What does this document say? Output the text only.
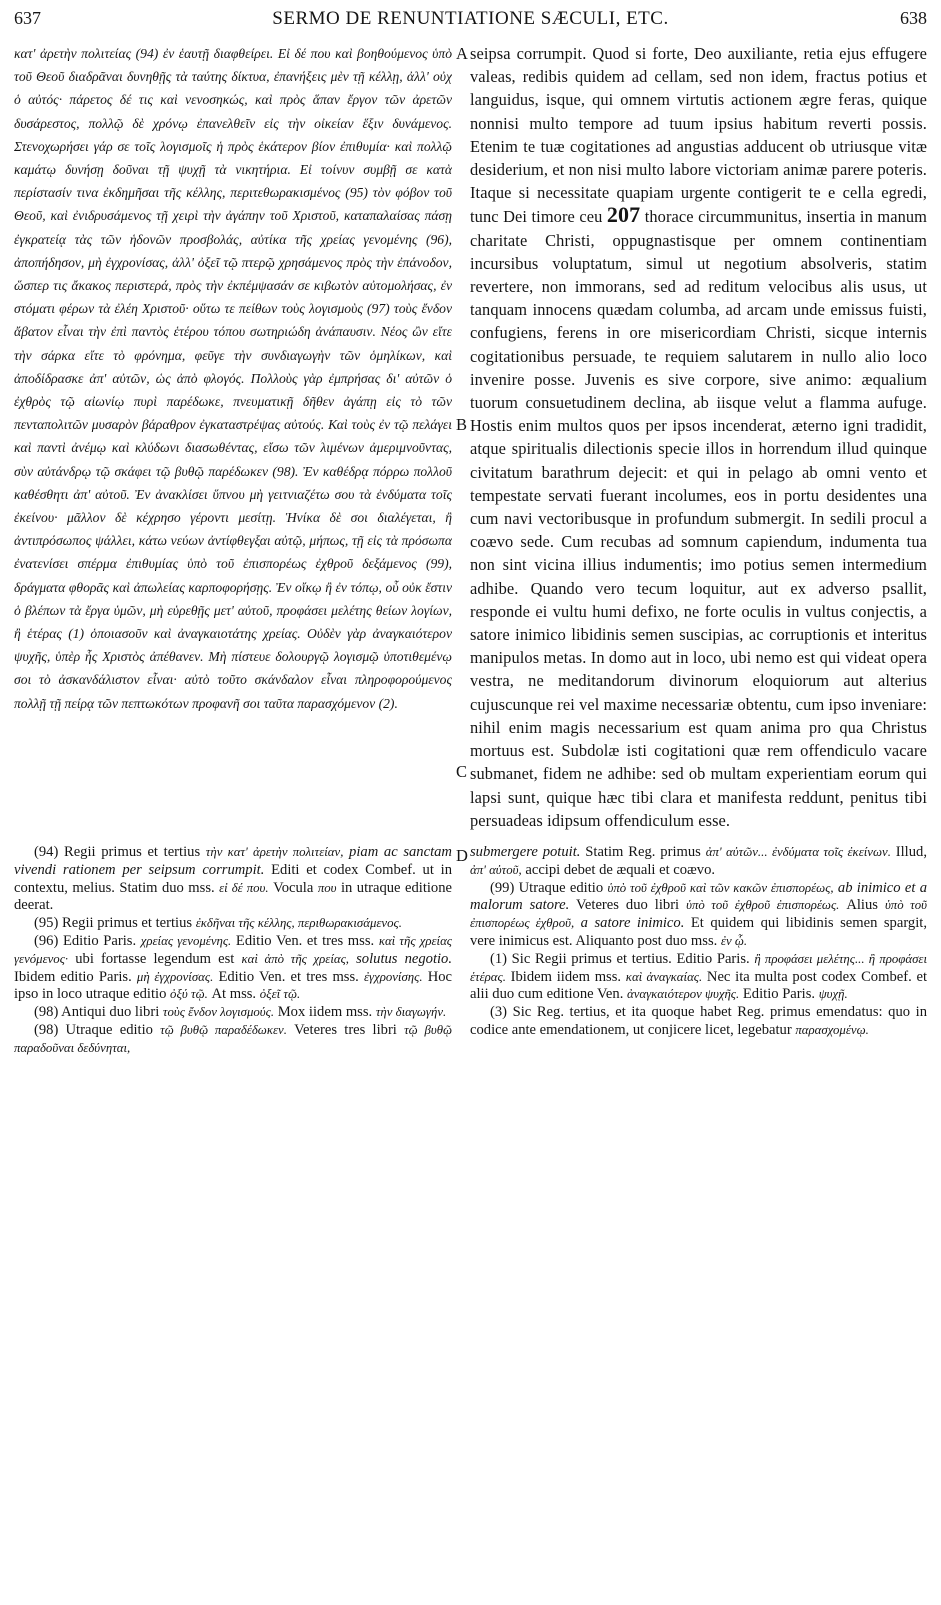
637	SERMO DE RENUNTIATIONE SÆCULI, ETC.	638

κατ' ἀρετὴν πολιτείας (94) ἐν ἑαυτῇ διαφθείρει. Εἰ δέ που καὶ βοηθούμενος ὑπὸ τοῦ Θεοῦ διαδρᾶναι δυνηθῇς τὰ ταύτης δίκτυα, ἐπανήξεις μὲν τῇ κέλλῃ, ἀλλ' οὐχ ὁ αὐτός· πάρετος δέ τις καὶ νενοσηκώς, καὶ πρὸς ἅπαν ἔργον τῶν ἀρετῶν δυσάρεστος, πολλῷ δὲ χρόνῳ ἐπανελθεῖν εἰς τὴν οἰκείαν ἕξιν δυνάμενος. Στενοχωρήσει γάρ σε τοῖς λογισμοῖς ἡ πρὸς ἑκάτερον βίον ἐπιθυμία· καὶ πολλῷ καμάτῳ δυνήσῃ δοῦναι τῇ ψυχῇ τὰ νικητήρια. Εἰ τοίνυν συμβῇ σε κατὰ περίστασίν τινα ἐκδημῆσαι τῆς κέλλης, περιτεθωρακισμένος (95) τὸν φόβον τοῦ Θεοῦ, καὶ ἐνιδρυσάμενος τῇ χειρὶ τὴν ἀγάπην τοῦ Χριστοῦ, καταπαλαίσας πάσῃ ἐγκρατείᾳ τὰς τῶν ἡδονῶν προσβολάς, αὐτίκα τῆς χρείας γενομένης (96), ἀποπήδησον, μὴ ἐγχρονίσας, ἀλλ' ὀξεῖ τῷ πτερῷ χρησάμενος πρὸς τὴν ἐπάνοδον, ὥσπερ τις ἄκακος περιστερά, πρὸς τὴν ἐκπέμψασάν σε κιβωτὸν αὐτομολήσας, ἐν στόματι φέρων τὰ ἐλέη Χριστοῦ· οὕτω τε πείθων τοὺς λογισμοὺς (97) τοὺς ἔνδον ἄβατον εἶναι τὴν ἐπὶ παντὸς ἑτέρου τόπου σωτηριώδη ἀνάπαυσιν. Νέος ὢν εἴτε τὴν σάρκα εἴτε τὸ φρόνημα, φεῦγε τὴν συνδιαγωγὴν τῶν ὁμηλίκων, καὶ ἀποδίδρασκε ἀπ' αὐτῶν, ὡς ἀπὸ φλογός. Πολλοὺς γὰρ ἐμπρήσας δι' αὐτῶν ὁ ἐχθρὸς τῷ αἰωνίῳ πυρὶ παρέδωκε, πνευματικῇ δῆθεν ἀγάπῃ εἰς τὸ τῶν πενταπολιτῶν μυσαρὸν βάραθρον ἐγκαταστρέψας αὐτούς. Καὶ τοὺς ἐν τῷ πελάγει καὶ παντὶ ἀνέμῳ καὶ κλύδωνι διασωθέντας, εἴσω τῶν λιμένων ἀμεριμνοῦντας, σὺν αὐτάνδρῳ τῷ σκάφει τῷ βυθῷ παρέδωκεν (98). Ἐν καθέδρᾳ πόρρω πολλοῦ καθέσθητι ἀπ' αὐτοῦ. Ἐν ἀνακλίσει ὕπνου μὴ γειτνιαζέτω σου τὰ ἐνδύματα τοῖς ἐκείνου· μᾶλλον δὲ κέχρησο γέροντι μεσίτῃ. Ἡνίκα δὲ σοι διαλέγεται, ἢ ἀντιπρόσωπος ψάλλει, κάτω νεύων ἀντίφθεγξαι αὐτῷ, μήπως, τῇ εἰς τὰ πρόσωπα ἐνατενίσει σπέρμα ἐπιθυμίας ὑπὸ τοῦ ἐπισπορέως ἐχθροῦ δεξάμενος (99), δράγματα φθορᾶς καὶ ἀπωλείας καρποφορήσῃς. Ἐν οἴκῳ ἢ ἐν τόπῳ, οὗ οὐκ ἔστιν ὁ βλέπων τὰ ἔργα ὑμῶν, μὴ εὑρεθῇς μετ' αὐτοῦ, προφάσει μελέτης θείων λογίων, ἢ ἑτέρας (1) ὁποιασοῦν καὶ ἀναγκαιοτάτης χρείας. Οὐδὲν γὰρ ἀναγκαιότερον ψυχῆς, ὑπὲρ ἧς Χριστὸς ἀπέθανεν. Μὴ πίστευε δολουργῷ λογισμῷ ὑποτιθεμένῳ σοι τὸ ἀσκανδάλιστον εἶναι· αὐτὸ τοῦτο σκάνδαλον εἶναι πληροφορούμενος πολλῇ τῇ πείρᾳ τῶν πεπτωκότων προφανῆ σοι ταῦτα παρασχόμενον (2).

A
B
C
D

seipsa corrumpit. Quod si forte, Deo auxiliante, retia ejus effugere valeas, redibis quidem ad cellam, sed non idem, fractus potius et languidus, isque, qui omnem virtutis actionem ægre feras, quique nonnisi multo tempore ad tuum ipsius habitum reverti possis. Etenim te tuæ cogitationes ad angustias adducent ob utriusque vitæ desiderium, et non nisi multo labore victoriam animæ parere poteris. Itaque si necessitate quapiam urgente contigerit te e cella egredi, tunc Dei timore ceu 207 thorace circummunitus, insertia in manum charitate Christi, oppugnastisque per omnem continentiam incursibus voluptatum, simul ut negotium absolveris, statim revertere, non immorans, sed ad reditum velocibus alis usus, ut tanquam innocens quædam columba, ad arcam unde emissus fuisti, confugiens, ferens in ore misericordiam Christi, sicque internis cogitationibus persuade, te requiem salutarem in nullo alio loco invenire posse. Juvenis es sive corpore, sive animo: æqualium tuorum consuetudinem declina, ab iisque velut a flamma aufuge. Hostis enim multos quos per ipsos incenderat, æterno igni tradidit, atque spiritualis dilectionis specie illos in horrendum illud quinque civitatum barathrum dejecit: et qui in pelago ab omni vento et tempestate servati fuerant incolumes, eos in portu desidentes una cum navi vectoribusque in profundum submergit. In sedili procul a coævo sede. Cum recubas ad somnum capiendum, indumenta tua non sint vicina illius indumentis; imo potius semen intermedium adhibe. Quando vero tecum loquitur, aut ex adverso psallit, responde ei vultu humi defixo, ne forte oculis in vultus conjectis, a satore inimico libidinis semen suscipias, ac corruptionis et interitus manipulos metas. In domo aut in loco, ubi nemo est qui videat opera vestra, ne meditandorum divinorum eloquiorum aut alterius cujuscunque rei vel maxime necessariæ obtentu, cum ipso inveniare: nihil enim magis necessarium est quam anima pro qua Christus mortuus est. Subdolæ isti cogitationi quæ rem offendiculo vacare submanet, fidem ne adhibe: sed ob multam experientiam eorum qui lapsi sunt, quique hæc tibi clara et manifesta reddunt, penitus tibi persuadeas idipsum offendiculum esse.

(94) Regii primus et tertius τὴν κατ' ἀρετὴν πολιτείαν, piam ac sanctam vivendi rationem per seipsum corrumpit. Editi et codex Combef. ut in contextu, melius. Statim duo mss. εἰ δέ που. Vocula που in utraque editione deerat.

(95) Regii primus et tertius ἐκδῆναι τῆς κέλλης, περιθωρακισάμενος.

(96) Editio Paris. χρείας γενομένης. Editio Ven. et tres mss. καὶ τῆς χρείας γενόμενος· ubi fortasse legendum est καὶ ἀπὸ τῆς χρείας, solutus negotio. Ibidem editio Paris. μὴ ἐγχρονίσας. Editio Ven. et tres mss. ἐγχρονίσης. Hoc ipso in loco utraque editio ὀξύ τῷ. At mss. ὀξεῖ τῷ.

(98) Antiqui duo libri τοὺς ἔνδον λογισμούς. Mox iidem mss. τὴν διαγωγήν.

(98) Utraque editio τῷ βυθῷ παραδέδωκεν. Veteres tres libri τῷ βυθῷ παραδοῦναι δεδύνηται,

submergere potuit. Statim Reg. primus ἀπ' αὐτῶν... ἐνδύματα τοῖς ἐκείνων. Illud, ἀπ' αὐτοῦ, accipi debet de æquali et coævo.

(99) Utraque editio ὑπὸ τοῦ ἐχθροῦ καὶ τῶν κακῶν ἐπισπορέως, ab inimico et a malorum satore. Veteres duo libri ὑπὸ τοῦ ἐχθροῦ ἐπισπορέως. Alius ὑπὸ τοῦ ἐπισπορέως ἐχθροῦ, a satore inimico. Et quidem qui libidinis semen spargit, vere inimicus est. Aliquanto post duo mss. ἐν ᾧ.

(1) Sic Regii primus et tertius. Editio Paris. ἢ προφάσει μελέτης... ἢ προφάσει ἑτέρας. Ibidem iidem mss. καὶ ἀναγκαίας. Nec ita multa post codex Combef. et alii duo cum editione Ven. ἀναγκαιότερον ψυχῆς. Editio Paris. ψυχῇ.

(3) Sic Reg. tertius, et ita quoque habet Reg. primus emendatus: quo in codice ante emendationem, ut conjicere licet, legebatur παρασχομένῳ.
